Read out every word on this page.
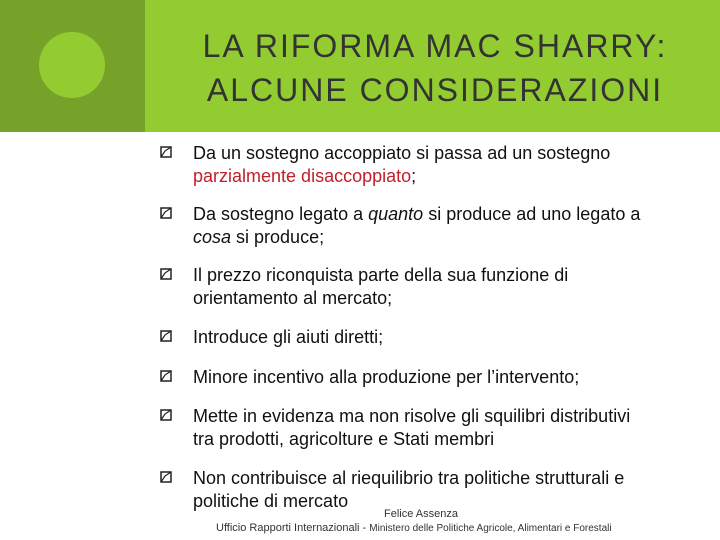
LA RIFORMA MAC SHARRY:
ALCUNE CONSIDERAZIONI
Da un sostegno accoppiato si passa ad un sostegno
parzialmente disaccoppiato;
Da sostegno legato a quanto si produce ad uno legato a
cosa si produce;
Il prezzo riconquista parte della sua funzione di
orientamento al mercato;
Introduce gli aiuti diretti;
Minore incentivo alla produzione per l’intervento;
Mette in evidenza ma non risolve gli squilibri distributivi
tra prodotti, agricolture e Stati membri
Non contribuisce al riequilibrio tra politiche strutturali e
politiche di mercato
Felice Assenza
Ufficio Rapporti Internazionali - Ministero delle Politiche Agricole, Alimentari e Forestali
